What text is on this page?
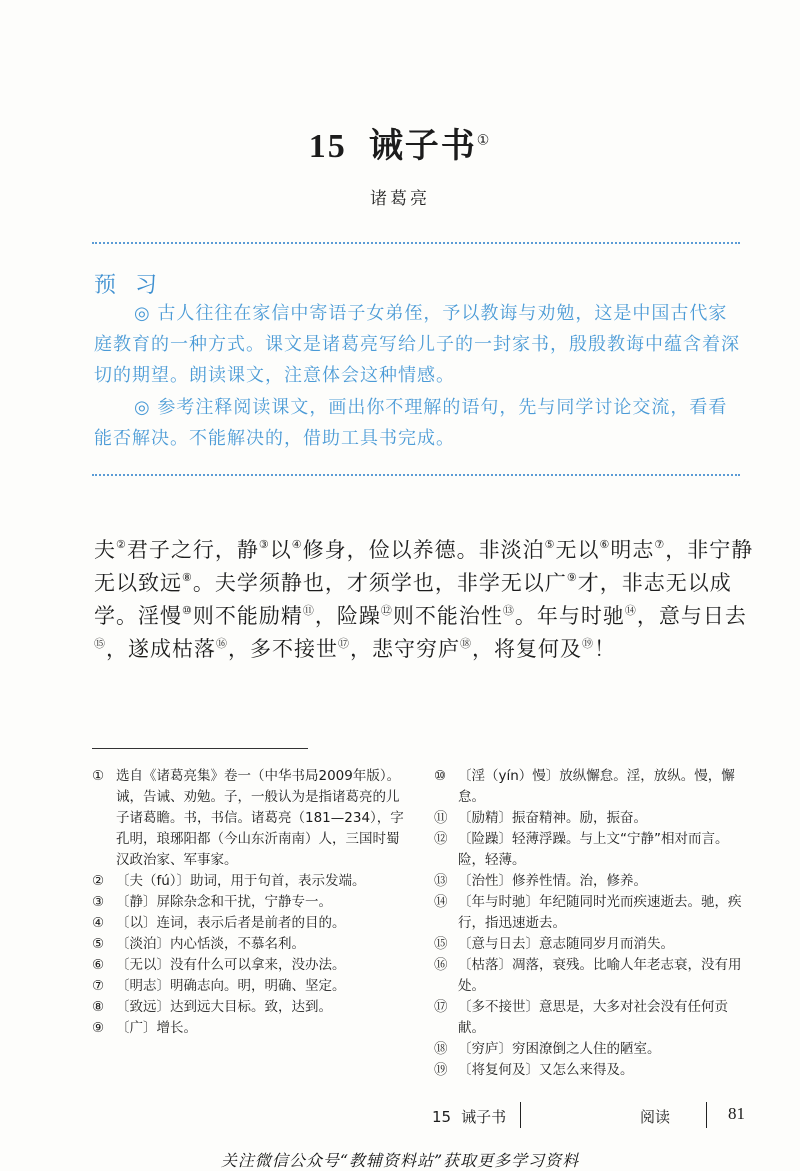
15 诫子书①
诸葛亮
预 习

◎ 古人往往在家信中寄语子女弟侄，予以教诲与劝勉，这是中国古代家庭教育的一种方式。课文是诸葛亮写给儿子的一封家书，殷殷教诲中蕴含着深切的期望。朗读课文，注意体会这种情感。

◎ 参考注释阅读课文，画出你不理解的语句，先与同学讨论交流，看看能否解决。不能解决的，借助工具书完成。

夫②君子之行，静③以④修身，俭以养德。非淡泊⑤无以⑥明志⑦，非宁静无以致远⑧。夫学须静也，才须学也，非学无以广⑨才，非志无以成学。淫慢⑩则不能励精⑪，险躁⑫则不能治性⑬。年与时驰⑭，意与日去⑮，遂成枯落⑯，多不接世⑰，悲守穷庐⑱，将复何及⑲！
① 选自《诸葛亮集》卷一（中华书局2009年版）。诫，告诫、劝勉。子，一般认为是指诸葛亮的儿子诸葛瞻。书，书信。诸葛亮（181—234），字孔明，琅琊阳都（今山东沂南南）人，三国时蜀汉政治家、军事家。
② 〔夫（fú）〕助词，用于句首，表示发端。
③ 〔静〕屏除杂念和干扰，宁静专一。
④ 〔以〕连词，表示后者是前者的目的。
⑤ 〔淡泊〕内心恬淡，不慕名利。
⑥ 〔无以〕没有什么可以拿来，没办法。
⑦ 〔明志〕明确志向。明，明确、坚定。
⑧ 〔致远〕达到远大目标。致，达到。
⑨ 〔广〕增长。
⑩ 〔淫（yín）慢〕放纵懈怠。淫，放纵。慢，懈怠。
⑪ 〔励精〕振奋精神。励，振奋。
⑫ 〔险躁〕轻薄浮躁。与上文“宁静”相对而言。险，轻薄。
⑬ 〔治性〕修养性情。治，修养。
⑭ 〔年与时驰〕年纪随同时光而疾速逝去。驰，疾行，指迅速逝去。
⑮ 〔意与日去〕意志随同岁月而消失。
⑯ 〔枯落〕凋落，衰残。比喻人年老志衰，没有用处。
⑰ 〔多不接世〕意思是，大多对社会没有任何贡献。
⑱ 〔穷庐〕穷困潦倒之人住的陋室。
⑲ 〔将复何及〕又怎么来得及。
15 诫子书	阅读	81
关注微信公众号“教辅资料站”获取更多学习资料
